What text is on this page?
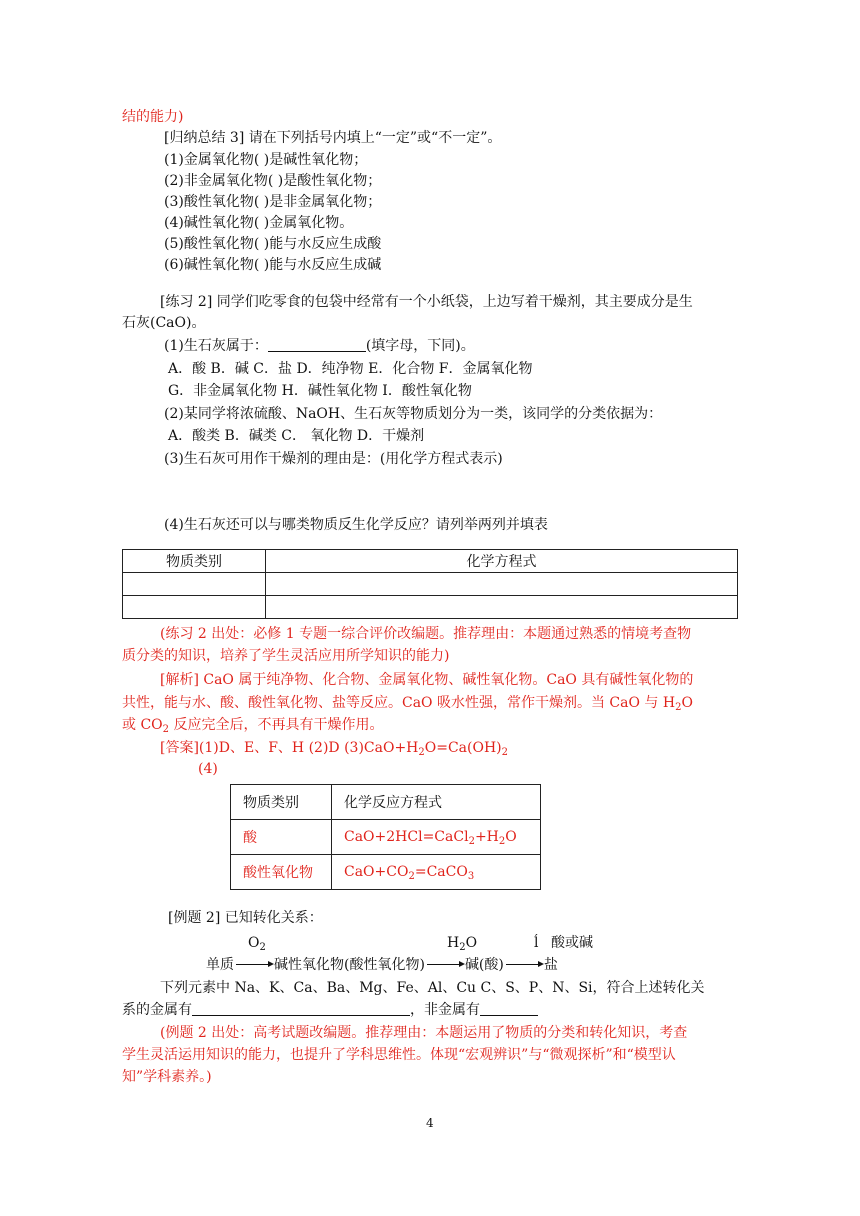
结的能力)
[归纳总结 3] 请在下列括号内填上“一定”或“不一定”。
(1)金属氧化物( )是碱性氧化物；
(2)非金属氧化物( )是酸性氧化物；
(3)酸性氧化物( )是非金属氧化物；
(4)碱性氧化物( )金属氧化物。
(5)酸性氧化物( )能与水反应生成酸
(6)碱性氧化物( )能与水反应生成碱
[练习 2] 同学们吃零食的包袋中经常有一个小纸袋，上边写着干燥剂，其主要成分是生
石灰(CaO)。
(1)生石灰属于：	(填字母，下同)。
A．酸 B．碱 C．盐 D．纯净物 E．化合物 F．金属氧化物
G．非金属氧化物 H．碱性氧化物 I．酸性氧化物
(2)某同学将浓硫酸、NaOH、生石灰等物质划分为一类，该同学的分类依据为：
A．酸类 B．碱类 C． 氧化物 D．干燥剂
(3)生石灰可用作干燥剂的理由是：(用化学方程式表示)
(4)生石灰还可以与哪类物质反生化学反应？请列举两列并填表
物质类别	化学方程式

(练习 2 出处：必修 1 专题一综合评价改编题。推荐理由：本题通过熟悉的情境考查物
质分类的知识，培养了学生灵活应用所学知识的能力)
[解析] CaO 属于纯净物、化合物、金属氧化物、碱性氧化物。CaO 具有碱性氧化物的
共性，能与水、酸、酸性氧化物、盐等反应。CaO 吸水性强，常作干燥剂。当 CaO 与 $H_2O$
或 $CO_2$ 反应完全后，不再具有干燥作用。
[答案](1)D、E、F、H (2)D $(3)CaO+H_2O=Ca(OH)_2$
(4)
物质类别	化学反应方程式
酸	$CaO+2HCl=CaCl_2+H_2O$
酸性氧化物	$CaO+CO_2=CaCO_3$
[例题 2] 已知转化关系：
$O_2$	$H_2O$	ĺ 酸或碱
单质	碱性氧化物(酸性氧化物)	碱(酸)	盐
下列元素中 Na、K、Ca、Ba、Mg、Fe、Al、Cu C、S、P、N、Si，符合上述转化关
系的金属有	，非金属有
(例题 2 出处：高考试题改编题。推荐理由：本题运用了物质的分类和转化知识，考查
学生灵活运用知识的能力，也提升了学科思维性。体现“宏观辨识”与“微观探析”和“模型认
知”学科素养。)
4
